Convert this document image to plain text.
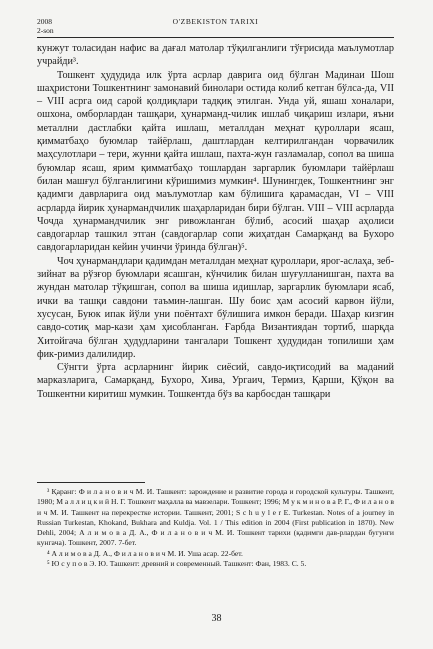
2008
2-son
O'ZBEKISTON TARIXI

кунжут толасидан нафис ва дағал матолар тўқилганлиги тўғрисида маълумотлар учрайди³.

Тошкент ҳудудида илк ўрта асрлар даврига оид бўлган Мадинаи Шош шаҳристони Тошкентнинг замонавий бинолари остида колиб кетган бўлса-да, VII – VIII асрга оид сарой қолдиқлари тадқиқ этилган. Унда уй, яшаш хоналари, ошхона, омборлардан ташқари, ҳунарманд-чилик ишлаб чиқариш излари, яъни металлни дастлабки қайта ишлаш, металлдан меҳнат қуроллари ясаш, қимматбаҳо буюмлар тайёрлаш, даштлардан келтирилгандан чорвачилик маҳсулотлари – тери, жунни қайта ишлаш, пахта-жун газламалар, сопол ва шиша буюмлар ясаш, ярим қимматбаҳо тошлардан заргарлик буюмлари тайёрлаш билан машғул бўлганлигини кўришимиз мумкин⁴. Шунингдек, Тошкентнинг энг қадимги даврларига оид маълумотлар кам бўлишига қарамасдан, VI – VIII асрларда йирик ҳунармандчилик шаҳарларидан бири бўлган. VIII – VIII асрларда Чочда ҳунармандчилик энг ривожланган бўлиб, асосий шаҳар аҳолиси савдогарлар ташкил этган (савдогарлар сопи жиҳатдан Самарқанд ва Бухоро савдогарларидан кейин учинчи ўринда бўлган)⁵.

Чоч ҳунармандлари қадимдан металлдан меҳнат қуроллари, ярог-аслаҳа, зеб-зийнат ва рўзғор буюмлари ясашган, кўнчилик билан шуғулланишган, пахта ва жундан матолар тўқишган, сопол ва шиша идишлар, заргарлик буюмлари ясаб, ички ва ташқи савдони таъмин-лашган. Шу боис ҳам асосий карвон йўли, хусусан, Буюк ипак йўли уни поёнтахт бўлишига имкон беради. Шаҳар кизгин савдо-сотиқ мар-кази ҳам ҳисобланган. Ғарбда Византиядан тортиб, шарқда Хитойгача бўлган ҳудудларини тангалари Тошкент ҳудудидан топилиши ҳам фик-римиз далилидир.

Сўнгги ўрта асрларнинг йирик сиёсий, савдо-иқтисодий ва маданий марказларига, Самарқанд, Бухоро, Хива, Ургаич, Термиз, Қарши, Қўқон ва Тошкентни киритиш мумкин. Тошкентда бўз ва карбосдан ташқари

³ Қаранг: Ф и л а н о в и ч М. И. Ташкент: зарождение и развитие города и городской культуры. Ташкент, 1980; М а л л и ц к и й Н. Г. Тошкент маҳалла ва мавзелари. Тошкент; 1996; М у к м и н о в а Р. Г., Ф и л а н о в и ч М. И. Ташкент на перекрестке истории. Ташкент, 2001; S c h u y l e r E. Turkestan. Notes of a journey in Russian Turkestan, Khokand, Bukhara and Kuldja. Vol. 1 / This edition in 2004 (First publication in 1870). New Dehli, 2004; А л и м о в а Д. А., Ф и л а н о в и ч М. И. Тошкент тарихи (қадимги дав-рлардан бугунги кунгача). Тошкент, 2007. 7-бет.

⁴ А л и м о в а Д. А., Ф и л а н о в и ч М. И. Уша асар. 22-бет.

⁵ Ю с у п о в Э. Ю. Ташкент: древний и современный. Ташкент: Фан, 1983. С. 5.

38
